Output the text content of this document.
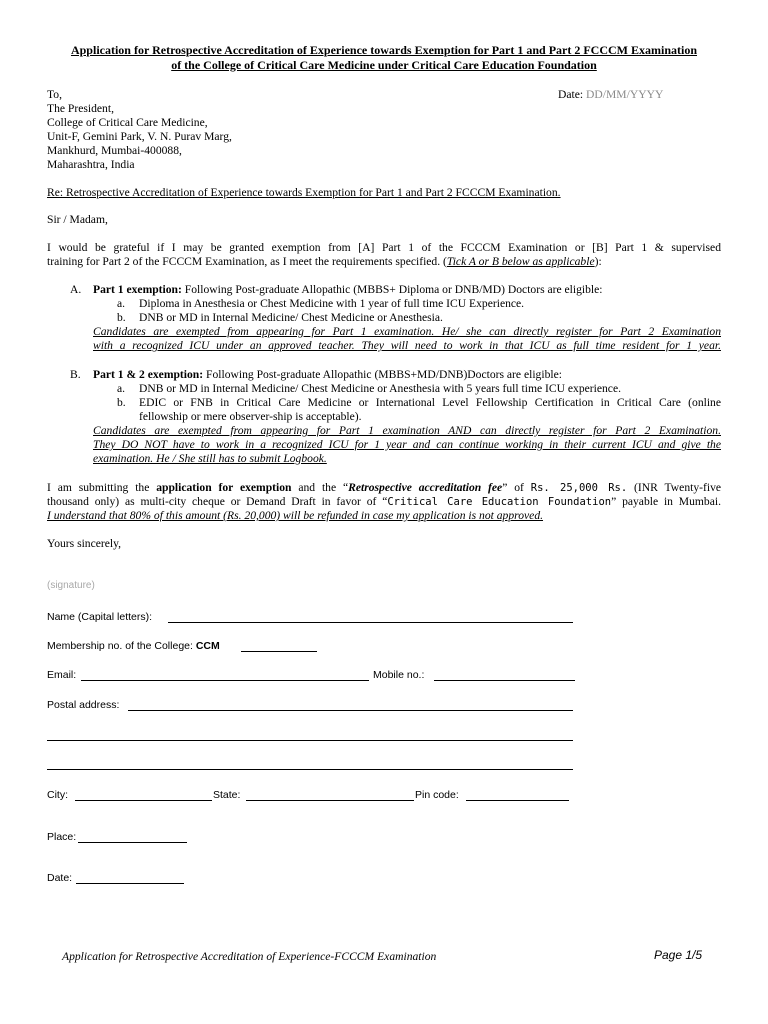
Application for Retrospective Accreditation of Experience towards Exemption for Part 1 and Part 2 FCCCM Examination
of the College of Critical Care Medicine under Critical Care Education Foundation
To,	Date: DD/MM/YYYY
The President,
College of Critical Care Medicine,
Unit-F, Gemini Park, V. N. Purav Marg,
Mankhurd, Mumbai-400088,
Maharashtra, India
Re: Retrospective Accreditation of Experience towards Exemption for Part 1 and Part 2 FCCCM Examination.
Sir / Madam,
I would be grateful if I may be granted exemption from [A] Part 1 of the FCCCM Examination or [B] Part 1 & supervised
training for Part 2 of the FCCCM Examination, as I meet the requirements specified. (Tick A or B below as applicable):
A. Part 1 exemption: Following Post-graduate Allopathic (MBBS+ Diploma or DNB/MD) Doctors are eligible:
a. Diploma in Anesthesia or Chest Medicine with 1 year of full time ICU Experience.
b. DNB or MD in Internal Medicine/ Chest Medicine or Anesthesia.
Candidates are exempted from appearing for Part 1 examination. He/ she can directly register for Part 2 Examination
with a recognized ICU under an approved teacher. They will need to work in that ICU as full time resident for 1 year.
B. Part 1 & 2 exemption: Following Post-graduate Allopathic (MBBS+MD/DNB)Doctors are eligible:
a. DNB or MD in Internal Medicine/ Chest Medicine or Anesthesia with 5 years full time ICU experience.
b. EDIC or FNB in Critical Care Medicine or International Level Fellowship Certification in Critical Care (online
fellowship or mere observer-ship is acceptable).
Candidates are exempted from appearing for Part 1 examination AND can directly register for Part 2 Examination.
They DO NOT have to work in a recognized ICU for 1 year and can continue working in their current ICU and give the
examination. He / She still has to submit Logbook.
I am submitting the application for exemption and the “Retrospective accreditation fee” of Rs. 25,000 Rs. (INR Twenty-five
thousand only) as multi-city cheque or Demand Draft in favor of “Critical Care Education Foundation” payable in Mumbai.
I understand that 80% of this amount (Rs. 20,000) will be refunded in case my application is not approved.
Yours sincerely,
(signature)
Name (Capital letters):
Membership no. of the College: CCM
Email:	Mobile no.:
Postal address:
City:	State:	Pin code:
Place:
Date:
Application for Retrospective Accreditation of Experience-FCCCM Examination	Page 1/5
